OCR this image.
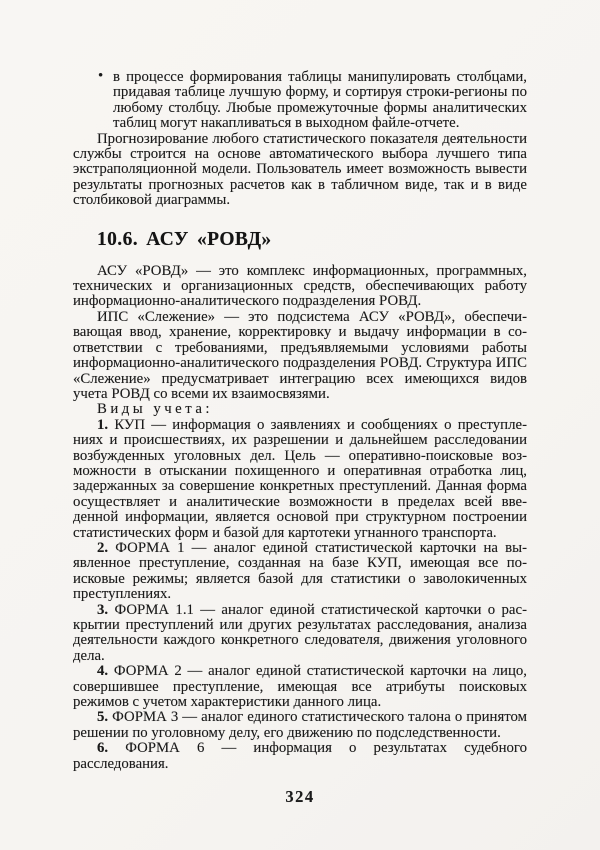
• в процессе формирования таблицы манипулировать столбцами, придавая таблице лучшую форму, и сортируя строки-регионы по любому столбцу. Любые промежуточные формы аналитических таблиц могут накапливаться в выходном файле-отчете.

Прогнозирование любого статистического показателя деятельности службы строится на основе автоматического выбора лучшего типа экстраполяционной модели. Пользователь имеет возможность вывести результаты прогнозных расчетов как в табличном виде, так и в виде столбиковой диаграммы.

10.6. АСУ «РОВД»

АСУ «РОВД» — это комплекс информационных, программных, технических и организационных средств, обеспечивающих работу информационно-аналитического подразделения РОВД.

ИПС «Слежение» — это подсистема АСУ «РОВД», обеспечивающая ввод, хранение, корректировку и выдачу информации в соответствии с требованиями, предъявляемыми условиями работы информационно-аналитического подразделения РОВД. Структура ИПС «Слежение» предусматривает интеграцию всех имеющихся видов учета РОВД со всеми их взаимосвязями.

Виды учета:

1. КУП — информация о заявлениях и сообщениях о преступлениях и происшествиях, их разрешении и дальнейшем расследовании возбужденных уголовных дел. Цель — оперативно-поисковые возможности в отыскании похищенного и оперативная отработка лиц, задержанных за совершение конкретных преступлений. Данная форма осуществляет и аналитические возможности в пределах всей введенной информации, является основой при структурном построении статистических форм и базой для картотеки угнанного транспорта.

2. ФОРМА 1 — аналог единой статистической карточки на выявленное преступление, созданная на базе КУП, имеющая все поисковые режимы; является базой для статистики о заволокиченных преступлениях.

3. ФОРМА 1.1 — аналог единой статистической карточки о раскрытии преступлений или других результатах расследования, анализа деятельности каждого конкретного следователя, движения уголовного дела.

4. ФОРМА 2 — аналог единой статистической карточки на лицо, совершившее преступление, имеющая все атрибуты поисковых режимов с учетом характеристики данного лица.

5. ФОРМА 3 — аналог единого статистического талона о принятом решении по уголовному делу, его движению по подследственности.

6. ФОРМА 6 — информация о результатах судебного расследования.

324
